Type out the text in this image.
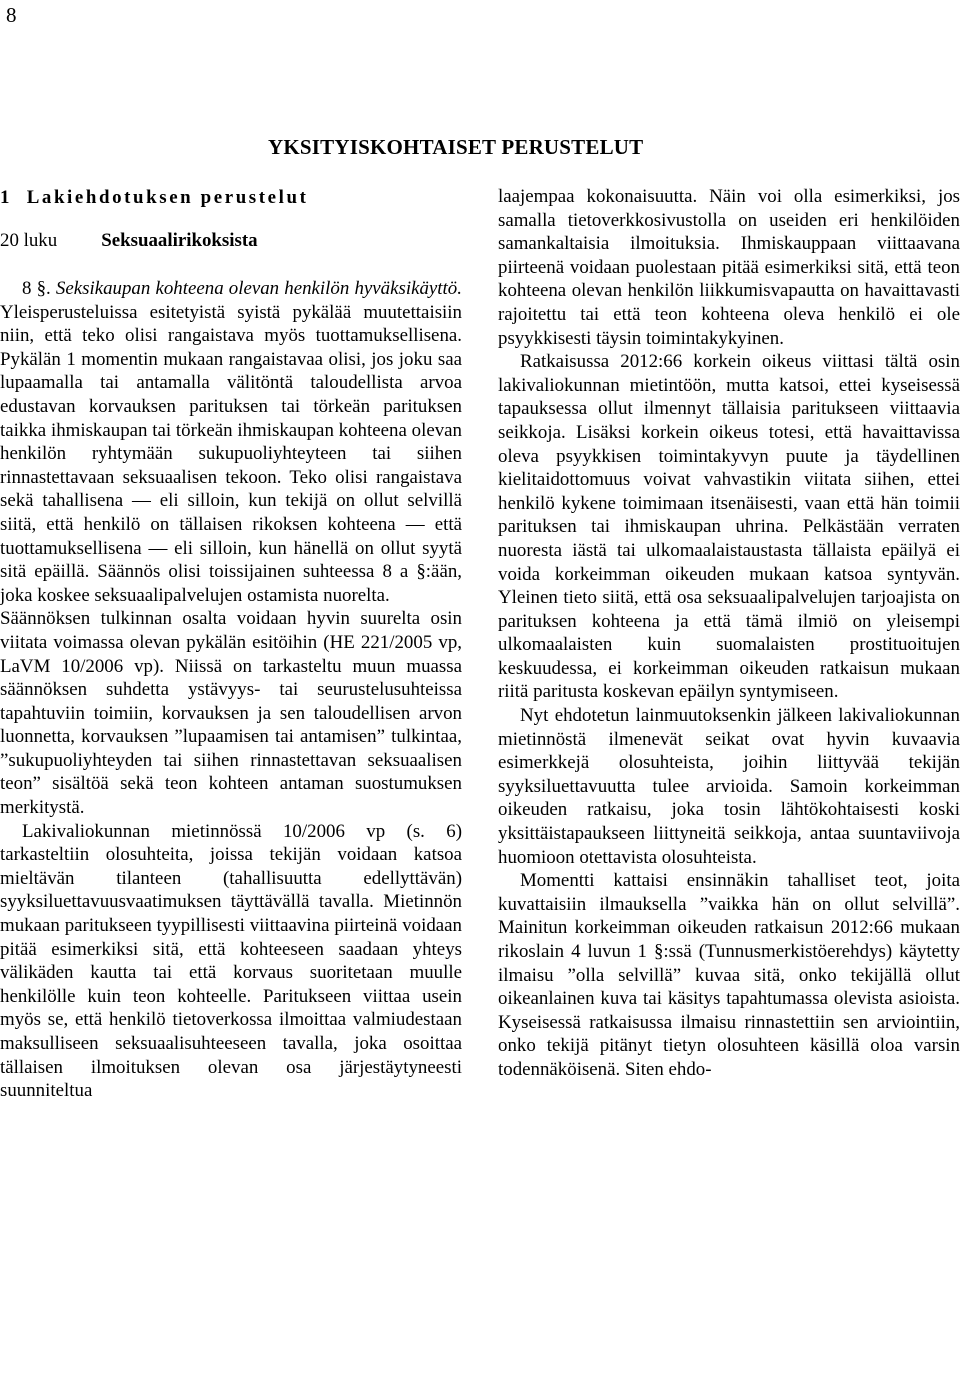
8
YKSITYISKOHTAISET PERUSTELUT
1 Lakiehdotuksen perustelut
20 luku Seksuaalirikoksista

8 §. Seksikaupan kohteena olevan henkilön hyväksikäyttö. Yleisperusteluissa esitetyistä syistä pykälää muutettaisiin niin, että teko olisi rangaistava myös tuottamuksellisena. Pykälän 1 momentin mukaan rangaistavaa olisi, jos joku saa lupaamalla tai antamalla välitöntä taloudellista arvoa edustavan korvauksen parituksen tai törkeän parituksen taikka ihmiskaupan tai törkeän ihmiskaupan kohteena olevan henkilön ryhtymään sukupuoliyhteyteen tai siihen rinnastettavaan seksuaalisen tekoon. Teko olisi rangaistava sekä tahallisena — eli silloin, kun tekijä on ollut selvillä siitä, että henkilö on tällaisen rikoksen kohteena — että tuottamuksellisena — eli silloin, kun hänellä on ollut syytä sitä epäillä. Säännös olisi toissijainen suhteessa 8 a §:ään, joka koskee seksuaalipalvelujen ostamista nuorelta.

Säännöksen tulkinnan osalta voidaan hyvin suurelta osin viitata voimassa olevan pykälän esitöihin (HE 221/2005 vp, LaVM 10/2006 vp). Niissä on tarkasteltu muun muassa säännöksen suhdetta ystävyys- tai seurustelusuhteissa tapahtuviin toimiin, korvauksen ja sen taloudellisen arvon luonnetta, korvauksen ”lupaamisen tai antamisen” tulkintaa, ”sukupuoliyhteyden tai siihen rinnastettavan seksuaalisen teon” sisältöä sekä teon kohteen antaman suostumuksen merkitystä.

Lakivaliokunnan mietinnössä 10/2006 vp (s. 6) tarkasteltiin olosuhteita, joissa tekijän voidaan katsoa mieltävän tilanteen (tahallisuutta edellyttävän) syyksiluettavuusvaatimuksen täyttävällä tavalla. Mietinnön mukaan paritukseen tyypillisesti viittaavina piirteinä voidaan pitää esimerkiksi sitä, että kohteeseen saadaan yhteys välikäden kautta tai että korvaus suoritetaan muulle henkilölle kuin teon kohteelle. Paritukseen viittaa usein myös se, että henkilö tietoverkossa ilmoittaa valmiudestaan maksulliseen seksuaalisuhteeseen tavalla, joka osoittaa tällaisen ilmoituksen olevan osa järjestäytyneesti suunniteltua

laajempaa kokonaisuutta. Näin voi olla esimerkiksi, jos samalla tietoverkkosivustolla on useiden eri henkilöiden samankaltaisia ilmoituksia. Ihmiskauppaan viittaavana piirteenä voidaan puolestaan pitää esimerkiksi sitä, että teon kohteena olevan henkilön liikkumisvapautta on havaittavasti rajoitettu tai että teon kohteena oleva henkilö ei ole psyykkisesti täysin toimintakykyinen.

Ratkaisussa 2012:66 korkein oikeus viittasi tältä osin lakivaliokunnan mietintöön, mutta katsoi, ettei kyseisessä tapauksessa ollut ilmennyt tällaisia paritukseen viittaavia seikkoja. Lisäksi korkein oikeus totesi, että havaittavissa oleva psyykkisen toimintakyvyn puute ja täydellinen kielitaidottomuus voivat vahvastikin viitata siihen, ettei henkilö kykene toimimaan itsenäisesti, vaan että hän toimii parituksen tai ihmiskaupan uhrina. Pelkästään verraten nuoresta iästä tai ulkomaalaistaustasta tällaista epäilyä ei voida korkeimman oikeuden mukaan katsoa syntyvän. Yleinen tieto siitä, että osa seksuaalipalvelujen tarjoajista on parituksen kohteena ja että tämä ilmiö on yleisempi ulkomaalaisten kuin suomalaisten prostituoitujen keskuudessa, ei korkeimman oikeuden ratkaisun mukaan riitä paritusta koskevan epäilyn syntymiseen.

Nyt ehdotetun lainmuutoksenkin jälkeen lakivaliokunnan mietinnöstä ilmenevät seikat ovat hyvin kuvaavia esimerkkejä olosuhteista, joihin liittyvää tekijän syyksiluettavuutta tulee arvioida. Samoin korkeimman oikeuden ratkaisu, joka tosin lähtökohtaisesti koski yksittäistapaukseen liittyneitä seikkoja, antaa suuntaviivoja huomioon otettavista olosuhteista.

Momentti kattaisi ensinnäkin tahalliset teot, joita kuvattaisiin ilmauksella ”vaikka hän on ollut selvillä”. Mainitun korkeimman oikeuden ratkaisun 2012:66 mukaan rikoslain 4 luvun 1 §:ssä (Tunnusmerkistöerehdys) käytetty ilmaisu ”olla selvillä” kuvaa sitä, onko tekijällä ollut oikeanlainen kuva tai käsitys tapahtumassa olevista asioista. Kyseisessä ratkaisussa ilmaisu rinnastettiin sen arviointiin, onko tekijä pitänyt tietyn olosuhteen käsillä oloa varsin todennäköisenä. Siten ehdo-
